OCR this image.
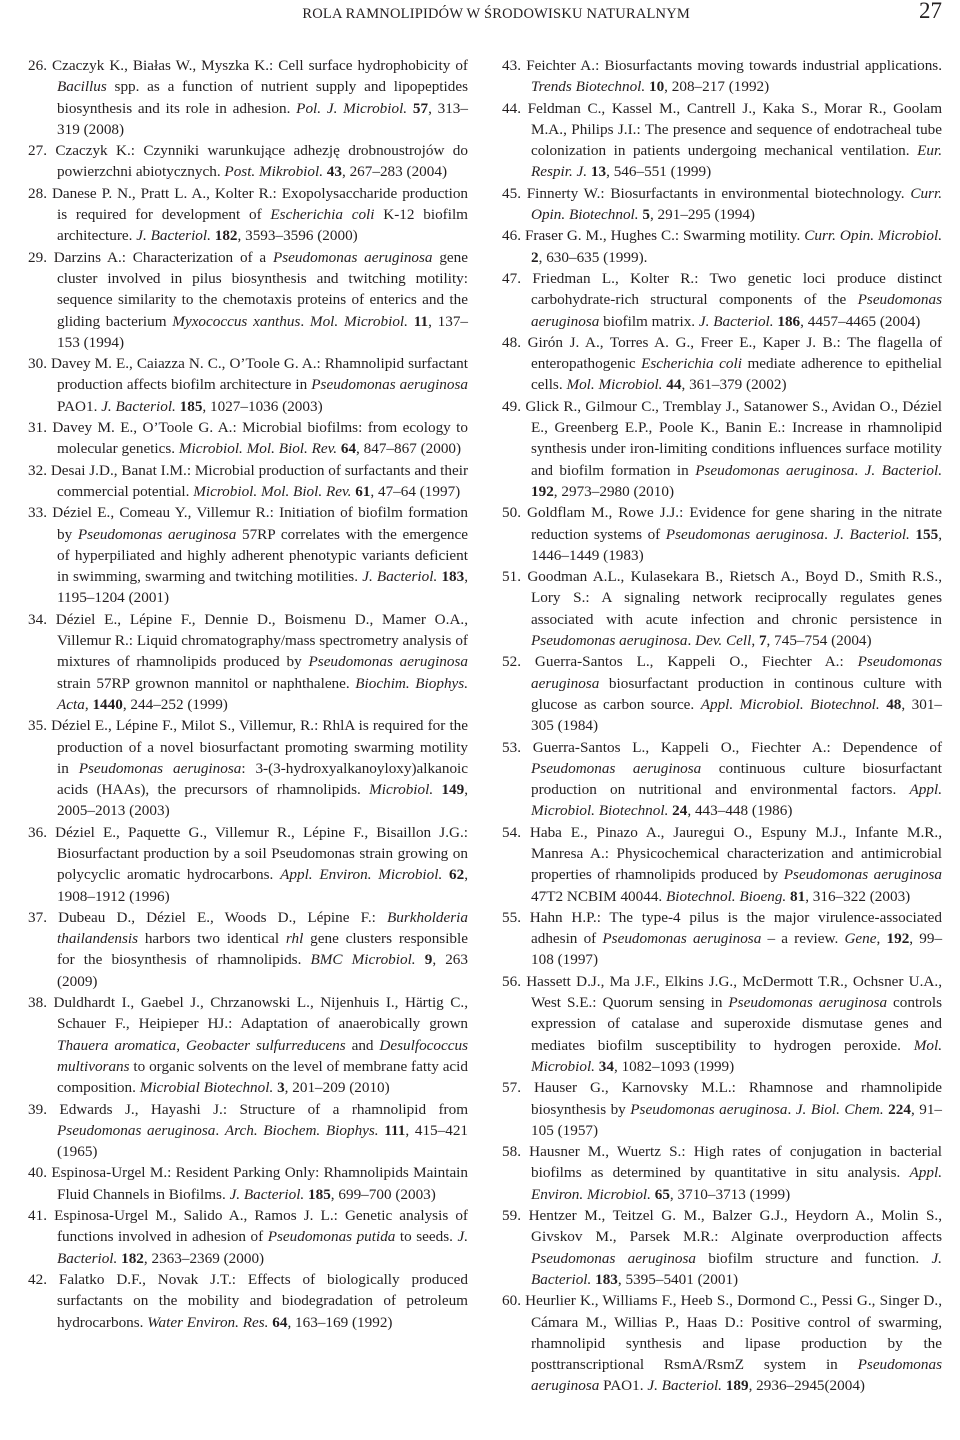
ROLA RAMNOLIPIDÓW W ŚRODOWISKU NATURALNYM	27

26. Czaczyk K., Białas W., Myszka K.: Cell surface hydrophobicity of Bacillus spp. as a function of nutrient supply and lipopeptides biosynthesis and its role in adhesion. Pol. J. Microbiol. 57, 313–319 (2008)

27. Czaczyk K.: Czynniki warunkujące adhezję drobnoustrojów do powierzchni abiotycznych. Post. Mikrobiol. 43, 267–283 (2004)

28. Danese P. N., Pratt L. A., Kolter R.: Exopolysaccharide production is required for development of Escherichia coli K-12 biofilm architecture. J. Bacteriol. 182, 3593–3596 (2000)

29. Darzins A.: Characterization of a Pseudomonas aeruginosa gene cluster involved in pilus biosynthesis and twitching motility: sequence similarity to the chemotaxis proteins of enterics and the gliding bacterium Myxococcus xanthus. Mol. Microbiol. 11, 137–153 (1994)

30. Davey M. E., Caiazza N. C., O’Toole G. A.: Rhamnolipid surfactant production affects biofilm architecture in Pseudomonas aeruginosa PAO1. J. Bacteriol. 185, 1027–1036 (2003)

31. Davey M. E., O’Toole G. A.: Microbial biofilms: from ecology to molecular genetics. Microbiol. Mol. Biol. Rev. 64, 847–867 (2000)

32. Desai J.D., Banat I.M.: Microbial production of surfactants and their commercial potential. Microbiol. Mol. Biol. Rev. 61, 47–64 (1997)

33. Déziel E., Comeau Y., Villemur R.: Initiation of biofilm formation by Pseudomonas aeruginosa 57RP correlates with the emergence of hyperpiliated and highly adherent phenotypic variants deficient in swimming, swarming and twitching motilities. J. Bacteriol. 183, 1195–1204 (2001)

34. Déziel E., Lépine F., Dennie D., Boismenu D., Mamer O.A., Villemur R.: Liquid chromatography/mass spectrometry analysis of mixtures of rhamnolipids produced by Pseudomonas aeruginosa strain 57RP grownon mannitol or naphthalene. Biochim. Biophys. Acta, 1440, 244–252 (1999)

35. Déziel E., Lépine F., Milot S., Villemur, R.: RhlA is required for the production of a novel biosurfactant promoting swarming motility in Pseudomonas aeruginosa: 3-(3-hydroxyalkanoyloxy)alkanoic acids (HAAs), the precursors of rhamnolipids. Microbiol. 149, 2005–2013 (2003)

36. Déziel E., Paquette G., Villemur R., Lépine F., Bisaillon J.G.: Biosurfactant production by a soil Pseudomonas strain growing on polycyclic aromatic hydrocarbons. Appl. Environ. Microbiol. 62, 1908–1912 (1996)

37. Dubeau D., Déziel E., Woods D., Lépine F.: Burkholderia thailandensis harbors two identical rhl gene clusters responsible for the biosynthesis of rhamnolipids. BMC Microbiol. 9, 263 (2009)

38. Duldhardt I., Gaebel J., Chrzanowski L., Nijenhuis I., Härtig C., Schauer F., Heipieper HJ.: Adaptation of anaerobically grown Thauera aromatica, Geobacter sulfurreducens and Desulfococcus multivorans to organic solvents on the level of membrane fatty acid composition. Microbial Biotechnol. 3, 201–209 (2010)

39. Edwards J., Hayashi J.: Structure of a rhamnolipid from Pseudomonas aeruginosa. Arch. Biochem. Biophys. 111, 415–421 (1965)

40. Espinosa-Urgel M.: Resident Parking Only: Rhamnolipids Maintain Fluid Channels in Biofilms. J. Bacteriol. 185, 699–700 (2003)

41. Espinosa-Urgel M., Salido A., Ramos J. L.: Genetic analysis of functions involved in adhesion of Pseudomonas putida to seeds. J. Bacteriol. 182, 2363–2369 (2000)

42. Falatko D.F., Novak J.T.: Effects of biologically produced surfactants on the mobility and biodegradation of petroleum hydrocarbons. Water Environ. Res. 64, 163–169 (1992)

43. Feichter A.: Biosurfactants moving towards industrial applications. Trends Biotechnol. 10, 208–217 (1992)

44. Feldman C., Kassel M., Cantrell J., Kaka S., Morar R., Goolam M.A., Philips J.I.: The presence and sequence of endotracheal tube colonization in patients undergoing mechanical ventilation. Eur. Respir. J. 13, 546–551 (1999)

45. Finnerty W.: Biosurfactants in environmental biotechnology. Curr. Opin. Biotechnol. 5, 291–295 (1994)

46. Fraser G. M., Hughes C.: Swarming motility. Curr. Opin. Microbiol. 2, 630–635 (1999).

47. Friedman L., Kolter R.: Two genetic loci produce distinct carbohydrate-rich structural components of the Pseudomonas aeruginosa biofilm matrix. J. Bacteriol. 186, 4457–4465 (2004)

48. Girón J. A., Torres A. G., Freer E., Kaper J. B.: The flagella of enteropathogenic Escherichia coli mediate adherence to epithelial cells. Mol. Microbiol. 44, 361–379 (2002)

49. Glick R., Gilmour C., Tremblay J., Satanower S., Avidan O., Déziel E., Greenberg E.P., Poole K., Banin E.: Increase in rhamnolipid synthesis under iron-limiting conditions influences surface motility and biofilm formation in Pseudomonas aeruginosa. J. Bacteriol. 192, 2973–2980 (2010)

50. Goldflam M., Rowe J.J.: Evidence for gene sharing in the nitrate reduction systems of Pseudomonas aeruginosa. J. Bacteriol. 155, 1446–1449 (1983)

51. Goodman A.L., Kulasekara B., Rietsch A., Boyd D., Smith R.S., Lory S.: A signaling network reciprocally regulates genes associated with acute infection and chronic persistence in Pseudomonas aeruginosa. Dev. Cell, 7, 745–754 (2004)

52. Guerra-Santos L., Kappeli O., Fiechter A.: Pseudomonas aeruginosa biosurfactant production in continous culture with glucose as carbon source. Appl. Microbiol. Biotechnol. 48, 301–305 (1984)

53. Guerra-Santos L., Kappeli O., Fiechter A.: Dependence of Pseudomonas aeruginosa continuous culture biosurfactant production on nutritional and environmental factors. Appl. Microbiol. Biotechnol. 24, 443–448 (1986)

54. Haba E., Pinazo A., Jauregui O., Espuny M.J., Infante M.R., Manresa A.: Physicochemical characterization and antimicrobial properties of rhamnolipids produced by Pseudomonas aeruginosa 47T2 NCBIM 40044. Biotechnol. Bioeng. 81, 316–322 (2003)

55. Hahn H.P.: The type-4 pilus is the major virulence-associated adhesin of Pseudomonas aeruginosa – a review. Gene, 192, 99–108 (1997)

56. Hassett D.J., Ma J.F., Elkins J.G., McDermott T.R., Ochsner U.A., West S.E.: Quorum sensing in Pseudomonas aeruginosa controls expression of catalase and superoxide dismutase genes and mediates biofilm susceptibility to hydrogen peroxide. Mol. Microbiol. 34, 1082–1093 (1999)

57. Hauser G., Karnovsky M.L.: Rhamnose and rhamnolipide biosynthesis by Pseudomonas aeruginosa. J. Biol. Chem. 224, 91–105 (1957)

58. Hausner M., Wuertz S.: High rates of conjugation in bacterial biofilms as determined by quantitative in situ analysis. Appl. Environ. Microbiol. 65, 3710–3713 (1999)

59. Hentzer M., Teitzel G. M., Balzer G.J., Heydorn A., Molin S., Givskov M., Parsek M.R.: Alginate overproduction affects Pseudomonas aeruginosa biofilm structure and function. J. Bacteriol. 183, 5395–5401 (2001)

60. Heurlier K., Williams F., Heeb S., Dormond C., Pessi G., Singer D., Cámara M., Willias P., Haas D.: Positive control of swarming, rhamnolipid synthesis and lipase production by the posttranscriptional RsmA/RsmZ system in Pseudomonas aeruginosa PAO1. J. Bacteriol. 189, 2936–2945(2004)
